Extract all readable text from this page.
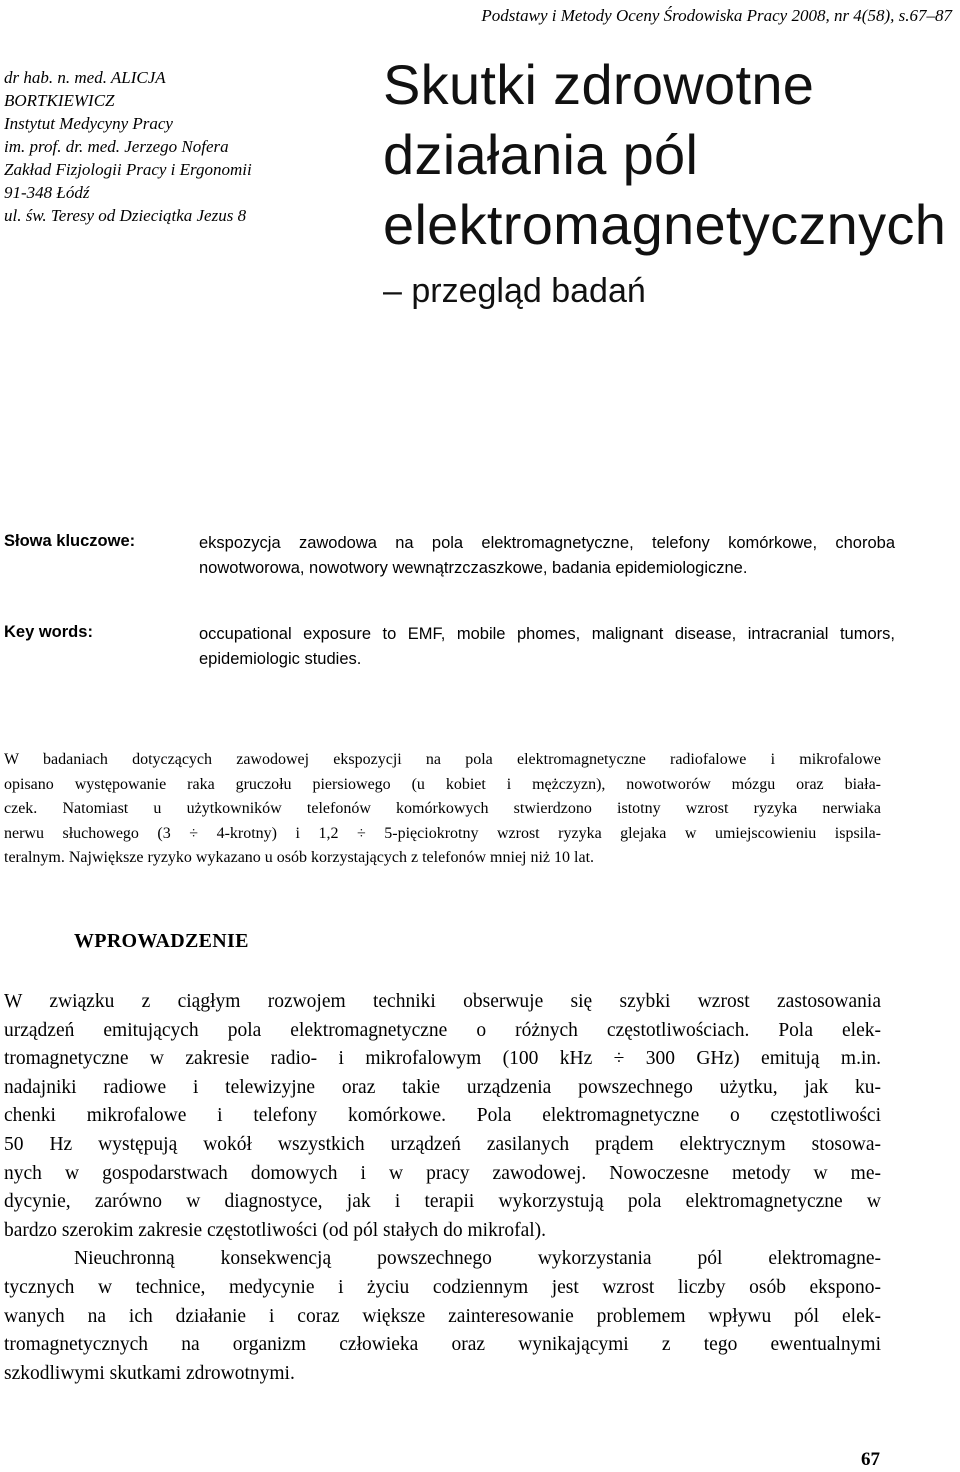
Podstawy i Metody Oceny Środowiska Pracy 2008, nr 4(58), s.67–87
dr hab. n. med. ALICJA
BORTKIEWICZ
Instytut Medycyny Pracy
im. prof. dr. med. Jerzego Nofera
Zakład Fizjologii Pracy i Ergonomii
91-348 Łódź
ul. św. Teresy od Dzieciątka Jezus 8
Skutki zdrowotne
działania pól
elektromagnetycznych
– przegląd badań
Słowa kluczowe:	ekspozycja zawodowa na pola elektromagnetyczne, telefony komórkowe, choroba nowotworowa, nowotwory wewnątrzczaszkowe, badania epidemiologiczne.
Key words:	occupational exposure to EMF, mobile phomes, malignant disease, intracranial tumors, epidemiologic studies.
W badaniach dotyczących zawodowej ekspozycji na pola elektromagnetyczne radiofalowe i mikrofalowe
opisano występowanie raka gruczołu piersiowego (u kobiet i mężczyzn), nowotworów mózgu oraz biała-
czek. Natomiast u użytkowników telefonów komórkowych stwierdzono istotny wzrost ryzyka nerwiaka
nerwu słuchowego (3 ÷ 4-krotny) i 1,2 ÷ 5-pięciokrotny wzrost ryzyka glejaka w umiejscowieniu ispsila-
teralnym. Największe ryzyko wykazano u osób korzystających z telefonów mniej niż 10 lat.
WPROWADZENIE
W związku z ciągłym rozwojem techniki obserwuje się szybki wzrost zastosowania
urządzeń emitujących pola elektromagnetyczne o różnych częstotliwościach. Pola elek-
tromagnetyczne w zakresie radio- i mikrofalowym (100 kHz ÷ 300 GHz) emitują m.in.
nadajniki radiowe i telewizyjne oraz takie urządzenia powszechnego użytku, jak ku-
chenki mikrofalowe i telefony komórkowe. Pola elektromagnetyczne o częstotliwości
50 Hz występują wokół wszystkich urządzeń zasilanych prądem elektrycznym stosowa-
nych w gospodarstwach domowych i w pracy zawodowej. Nowoczesne metody w me-
dycynie, zarówno w diagnostyce, jak i terapii wykorzystują pola elektromagnetyczne w
bardzo szerokim zakresie częstotliwości (od pól stałych do mikrofal).
Nieuchronną konsekwencją powszechnego wykorzystania pól elektromagne-
tycznych w technice, medycynie i życiu codziennym jest wzrost liczby osób ekspono-
wanych na ich działanie i coraz większe zainteresowanie problemem wpływu pól elek-
tromagnetycznych na organizm człowieka oraz wynikającymi z tego ewentualnymi
szkodliwymi skutkami zdrowotnymi.
67
